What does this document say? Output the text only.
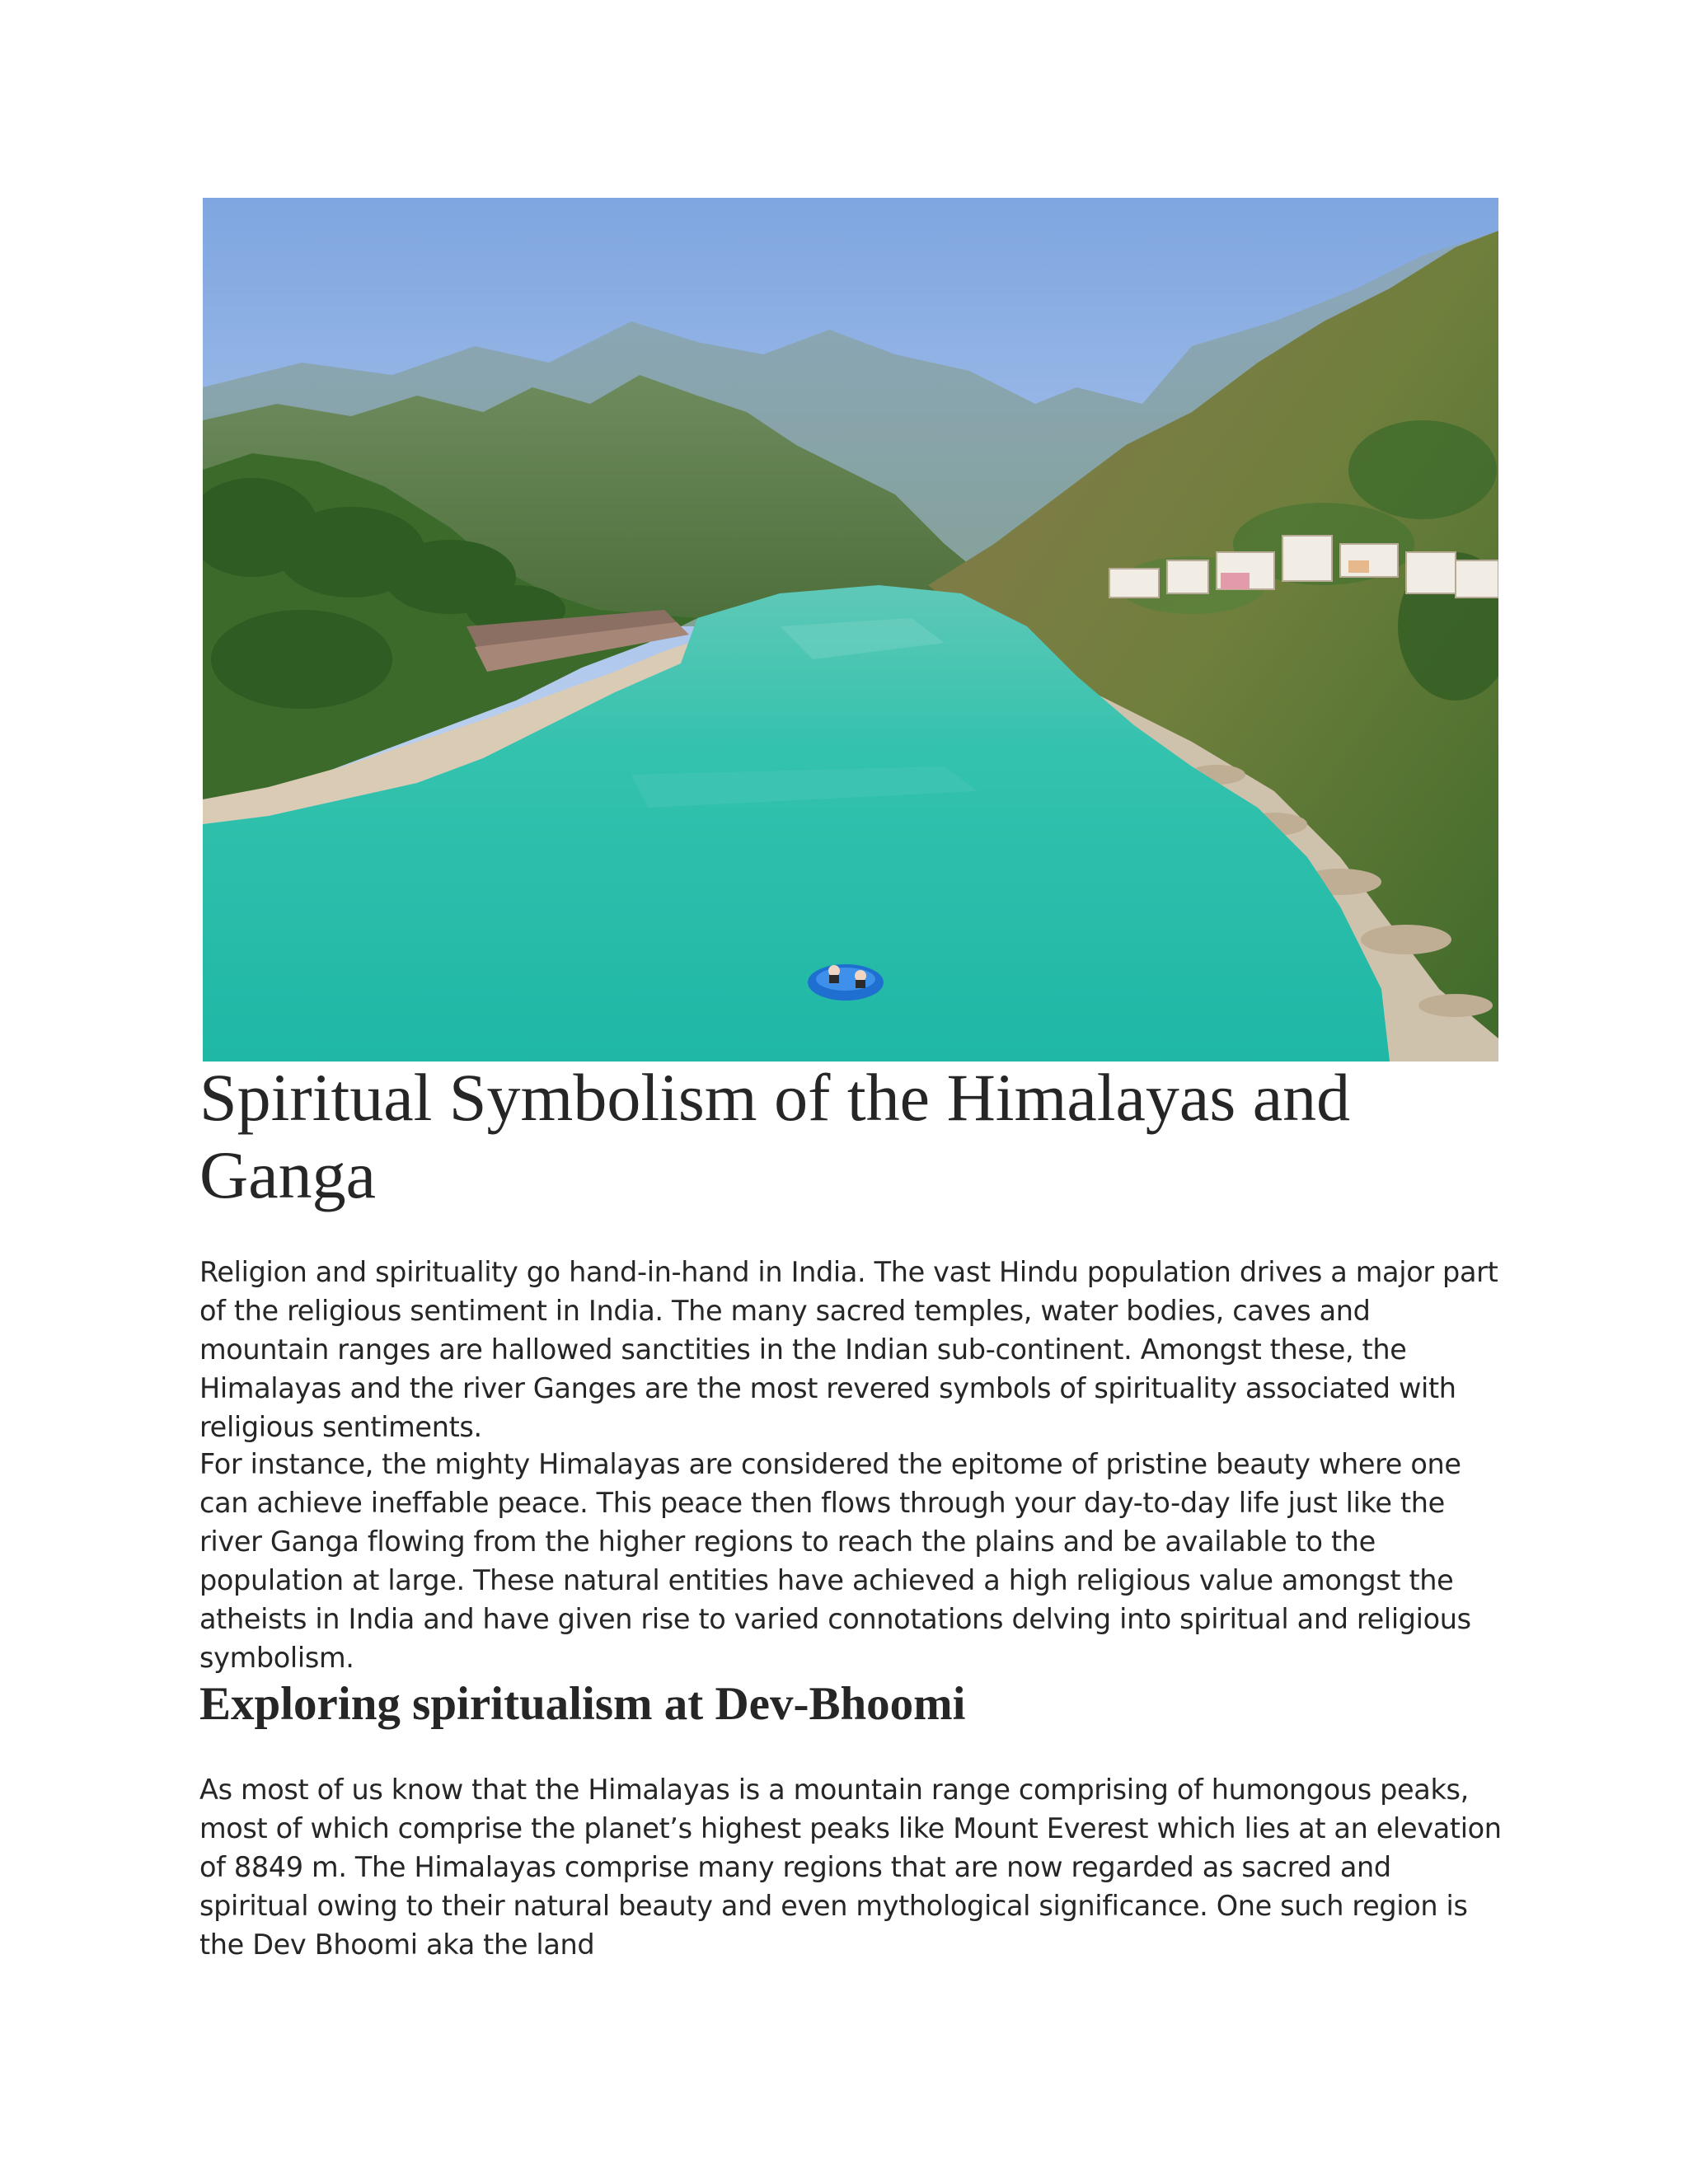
Spiritual Symbolism of the Himalayas and Ganga

Religion and spirituality go hand-in-hand in India. The vast Hindu population drives a major part of the religious sentiment in India. The many sacred temples, water bodies, caves and mountain ranges are hallowed sanctities in the Indian sub-continent. Amongst these, the Himalayas and the river Ganges are the most revered symbols of spirituality associated with religious sentiments.

For instance, the mighty Himalayas are considered the epitome of pristine beauty where one can achieve ineffable peace. This peace then flows through your day-to-day life just like the river Ganga flowing from the higher regions to reach the plains and be available to the population at large. These natural entities have achieved a high religious value amongst the atheists in India and have given rise to varied connotations delving into spiritual and religious symbolism.

Exploring spiritualism at Dev-Bhoomi

As most of us know that the Himalayas is a mountain range comprising of humongous peaks, most of which comprise the planet’s highest peaks like Mount Everest which lies at an elevation of 8849 m. The Himalayas comprise many regions that are now regarded as sacred and spiritual owing to their natural beauty and even mythological significance. One such region is the Dev Bhoomi aka the land
